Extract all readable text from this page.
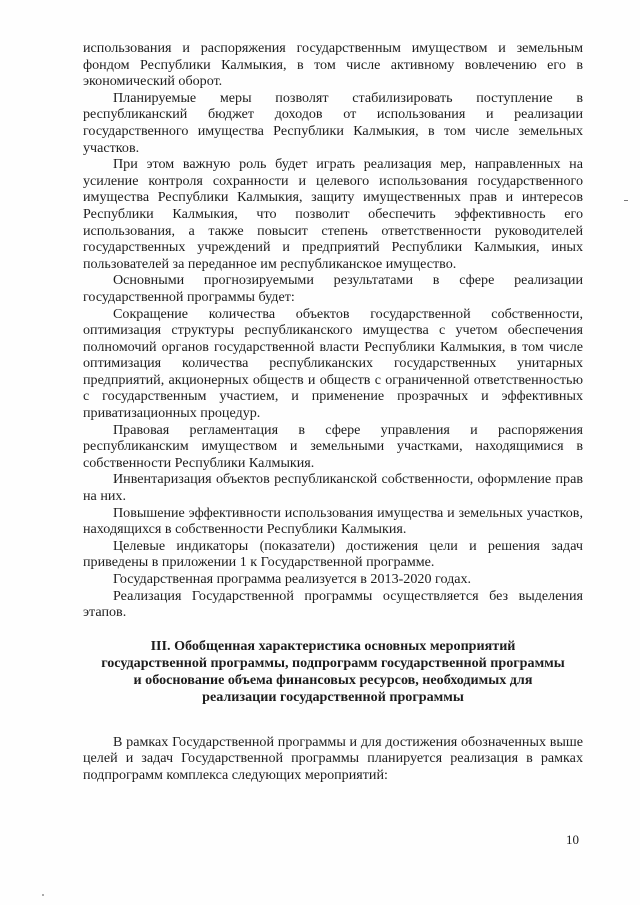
использования и распоряжения государственным имуществом и земельным фондом Республики Калмыкия, в том числе активному вовлечению его в экономический оборот.

Планируемые меры позволят стабилизировать поступление в республиканский бюджет доходов от использования и реализации государственного имущества Республики Калмыкия, в том числе земельных участков.

При этом важную роль будет играть реализация мер, направленных на усиление контроля сохранности и целевого использования государственного имущества Республики Калмыкия, защиту имущественных прав и интересов Республики Калмыкия, что позволит обеспечить эффективность его использования, а также повысит степень ответственности руководителей государственных учреждений и предприятий Республики Калмыкия, иных пользователей за переданное им республиканское имущество.

Основными прогнозируемыми результатами в сфере реализации государственной программы будет:

Сокращение количества объектов государственной собственности, оптимизация структуры республиканского имущества с учетом обеспечения полномочий органов государственной власти Республики Калмыкия, в том числе оптимизация количества республиканских государственных унитарных предприятий, акционерных обществ и обществ с ограниченной ответственностью с государственным участием, и применение прозрачных и эффективных приватизационных процедур.

Правовая регламентация в сфере управления и распоряжения республиканским имуществом и земельными участками, находящимися в собственности Республики Калмыкия.

Инвентаризация объектов республиканской собственности, оформление прав на них.

Повышение эффективности использования имущества и земельных участков, находящихся в собственности Республики Калмыкия.

Целевые индикаторы (показатели) достижения цели и решения задач приведены в приложении 1 к Государственной программе.

Государственная программа реализуется в 2013-2020 годах.

Реализация Государственной программы осуществляется без выделения этапов.

III. Обобщенная характеристика основных мероприятий
государственной программы, подпрограмм государственной программы
и обоснование объема финансовых ресурсов, необходимых для
реализации государственной программы

В рамках Государственной программы и для достижения обозначенных выше целей и задач Государственной программы планируется реализация в рамках подпрограмм комплекса следующих мероприятий:

10
